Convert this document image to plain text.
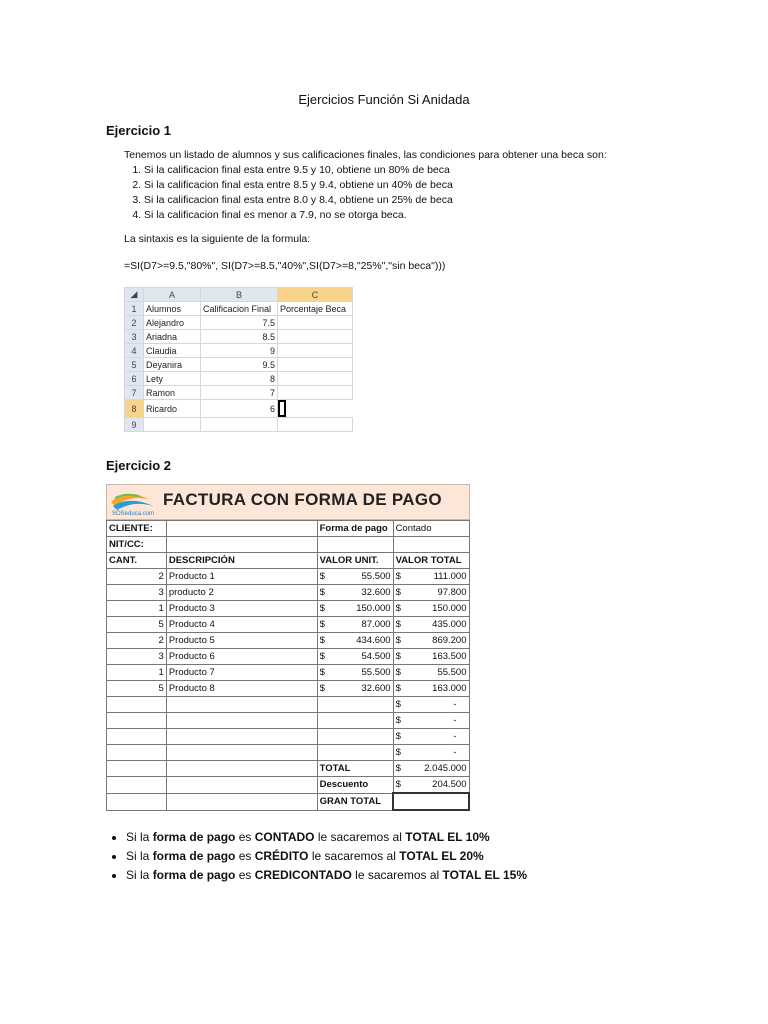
Ejercicios Función Si Anidada
Ejercicio 1
Tenemos un listado de alumnos y sus calificaciones finales, las condiciones para obtener una beca son:
1. Si la calificacion final esta entre 9.5 y 10, obtiene un 80% de beca
2. Si la calificacion final esta entre 8.5 y 9.4, obtiene un 40% de beca
3. Si la calificacion final esta entre 8.0 y 8.4, obtiene un 25% de beca
4. Si la calificacion final es menor a 7.9, no se otorga beca.
La sintaxis es la siguiente de la formula:
=SI(D7>=9.5,"80%", SI(D7>=8.5,"40%",SI(D7>=8,"25%","sin beca")))
◢	A	B	C
1	Alumnos	Calificacion Final	Porcentaje Beca
2	Alejandro	7.5	
3	Ariadna	8.5	
4	Claudia	9	
5	Deyanira	9.5	
6	Lety	8	
7	Ramon	7	
8	Ricardo	6	

9			
Ejercicio 2
SOSeduca.com
FACTURA CON FORMA DE PAGO
CLIENTE:		Forma de pago	Contado
NIT/CC:			
CANT.	DESCRIPCIÓN	VALOR UNIT.	VALOR TOTAL
2	Producto 1	$ 55.500	$ 111.000

3	producto 2	$ 32.600	$ 97.800

1	Producto 3	$ 150.000	$ 150.000

5	Producto 4	$ 87.000	$ 435.000

2	Producto 5	$ 434.600	$ 869.200

3	Producto 6	$ 54.500	$ 163.500

1	Producto 7	$ 55.500	$ 55.500

5	Producto 8	$ 32.600	$ 163.000

			$ -

			$ -

			$ -

			$ -

		TOTAL	$ 2.045.000

		Descuento	$ 204.500

		GRAN TOTAL	
• Si la forma de pago es CONTADO le sacaremos al TOTAL EL 10%
• Si la forma de pago es CRÉDITO le sacaremos al TOTAL EL 20%
• Si la forma de pago es CREDICONTADO le sacaremos al TOTAL EL 15%
